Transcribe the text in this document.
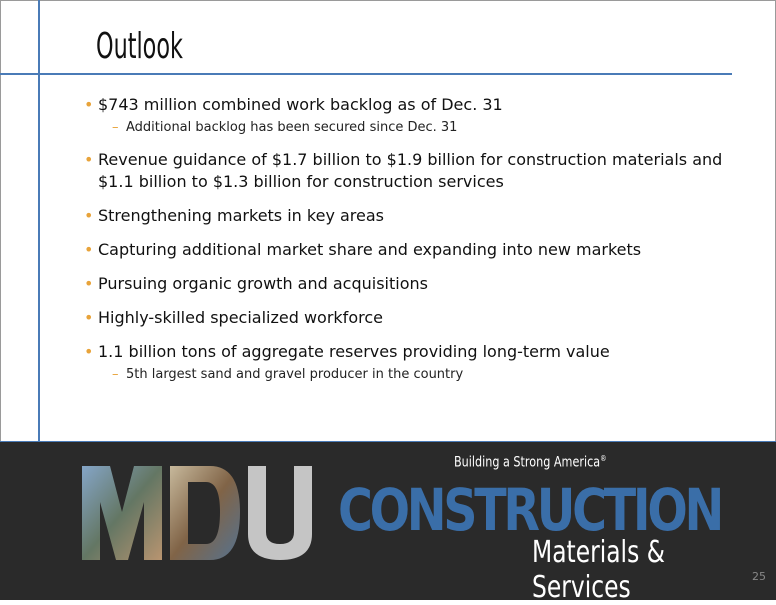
Outlook
• $743 million combined work backlog as of Dec. 31
– Additional backlog has been secured since Dec. 31
• Revenue guidance of $1.7 billion to $1.9 billion for construction materials and $1.1 billion to $1.3 billion for construction services
• Strengthening markets in key areas
• Capturing additional market share and expanding into new markets
• Pursuing organic growth and acquisitions
• Highly-skilled specialized workforce
• 1.1 billion tons of aggregate reserves providing long-term value
– 5th largest sand and gravel producer in the country
Building a Strong America®
MDU CONSTRUCTION
Materials & Services	25
